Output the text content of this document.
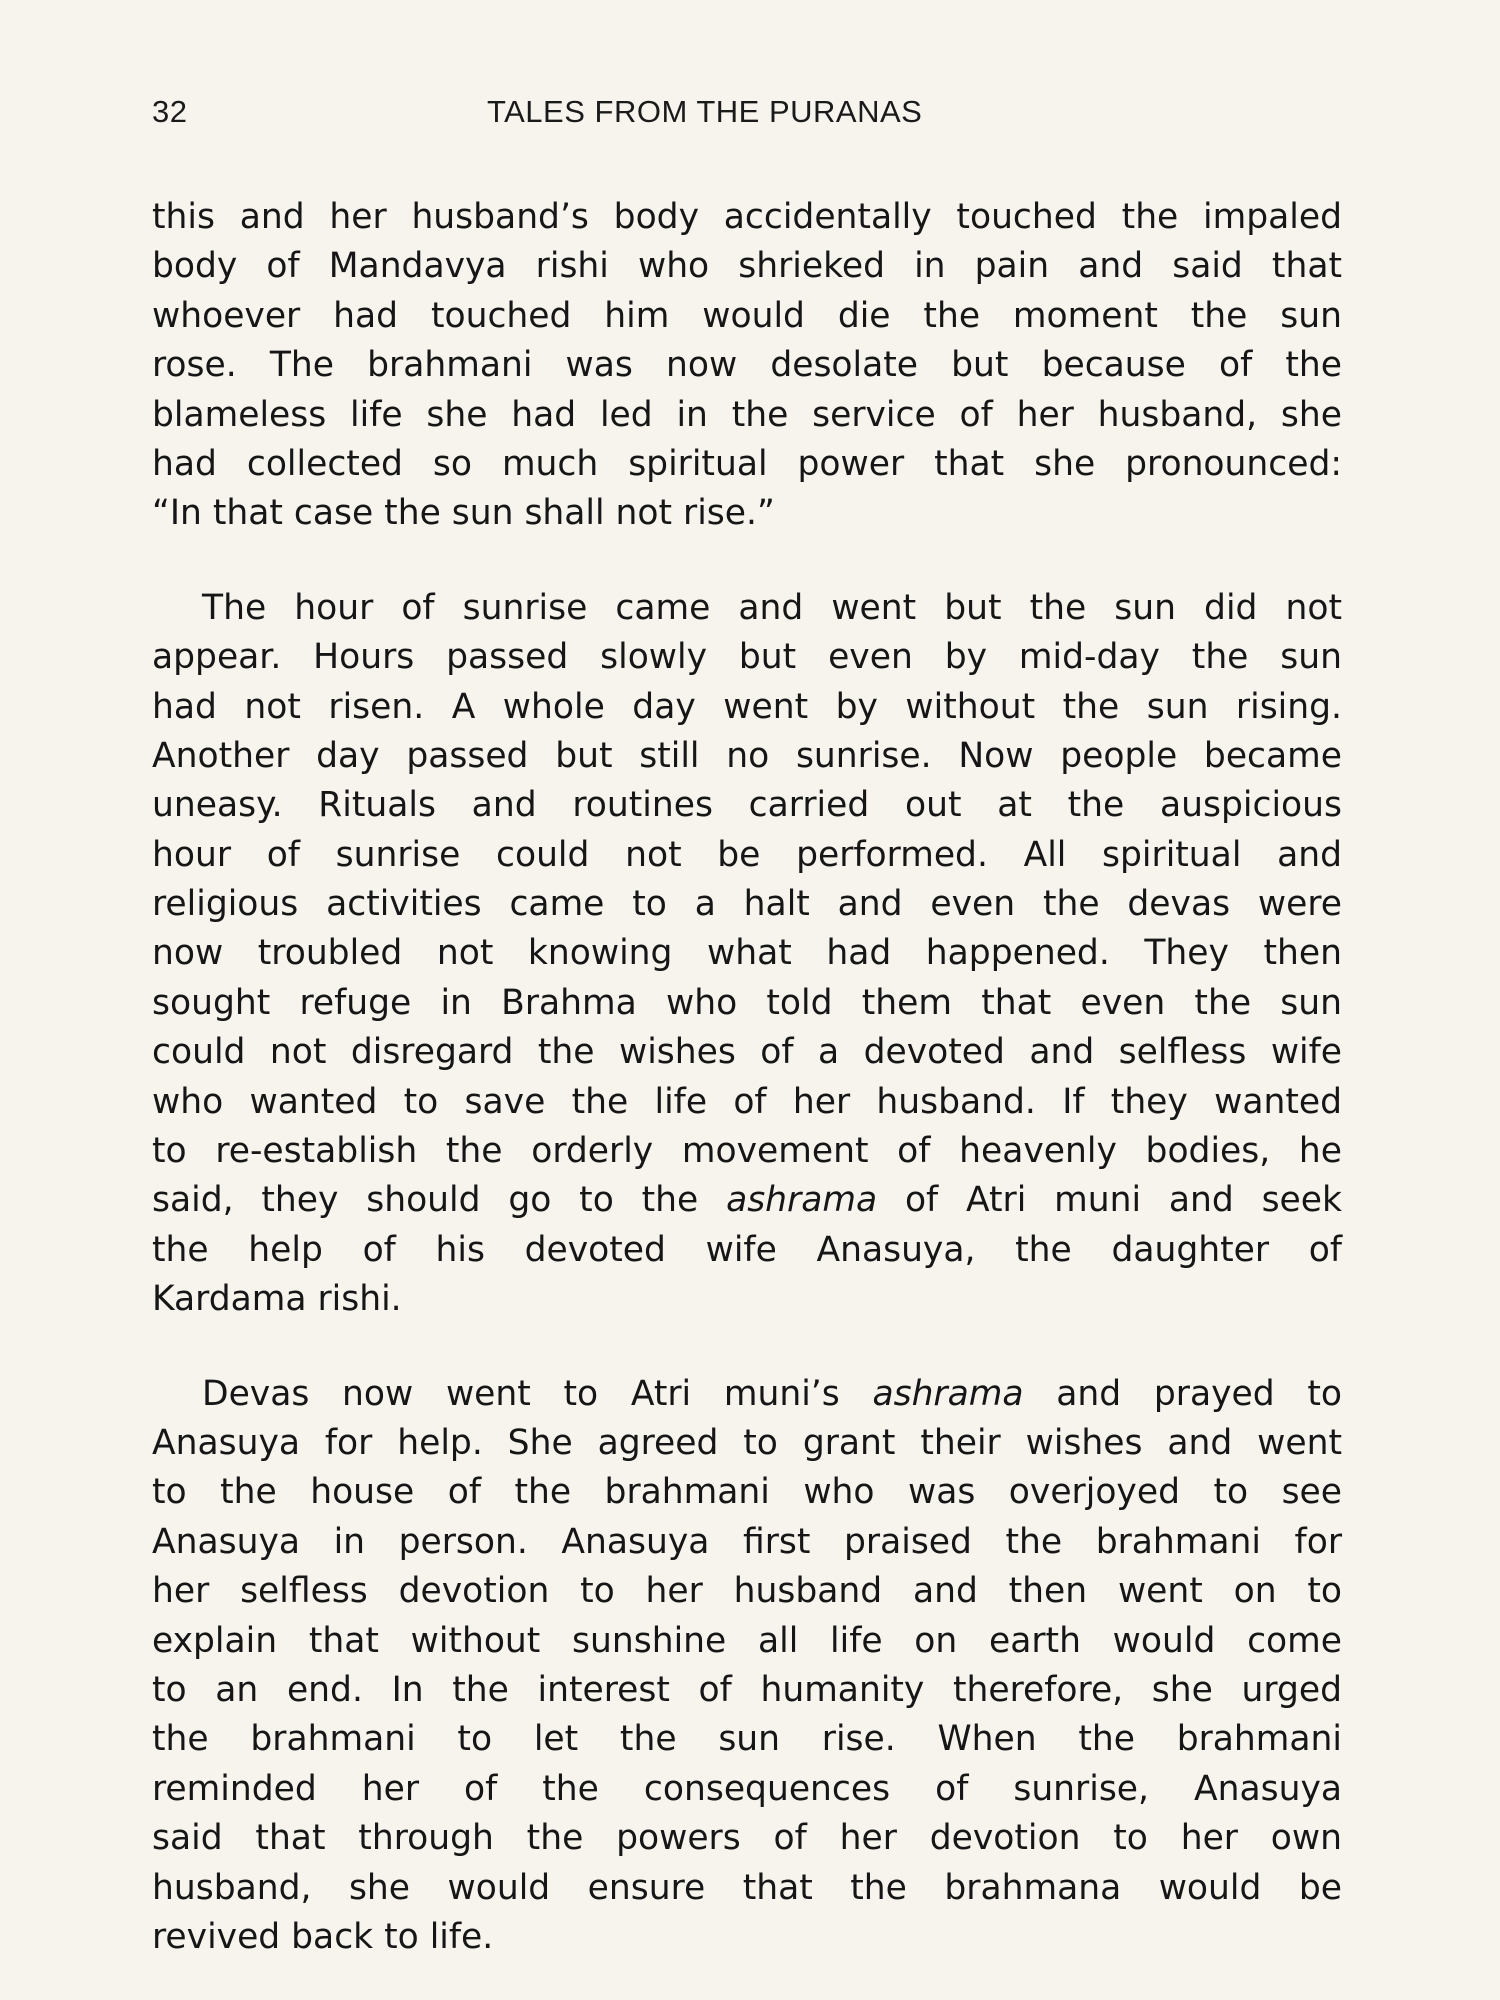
32	TALES FROM THE PURANAS
this and her husband’s body accidentally touched the impaled
body of Mandavya rishi who shrieked in pain and said that
whoever had touched him would die the moment the sun
rose. The brahmani was now desolate but because of the
blameless life she had led in the service of her husband, she
had collected so much spiritual power that she pronounced:
“In that case the sun shall not rise.”
The hour of sunrise came and went but the sun did not
appear. Hours passed slowly but even by mid-day the sun
had not risen. A whole day went by without the sun rising.
Another day passed but still no sunrise. Now people became
uneasy. Rituals and routines carried out at the auspicious
hour of sunrise could not be performed. All spiritual and
religious activities came to a halt and even the devas were
now troubled not knowing what had happened. They then
sought refuge in Brahma who told them that even the sun
could not disregard the wishes of a devoted and selfless wife
who wanted to save the life of her husband. If they wanted
to re-establish the orderly movement of heavenly bodies, he
said, they should go to the ashrama of Atri muni and seek
the help of his devoted wife Anasuya, the daughter of
Kardama rishi.
Devas now went to Atri muni’s ashrama and prayed to
Anasuya for help. She agreed to grant their wishes and went
to the house of the brahmani who was overjoyed to see
Anasuya in person. Anasuya first praised the brahmani for
her selfless devotion to her husband and then went on to
explain that without sunshine all life on earth would come
to an end. In the interest of humanity therefore, she urged
the brahmani to let the sun rise. When the brahmani
reminded her of the consequences of sunrise, Anasuya
said that through the powers of her devotion to her own
husband, she would ensure that the brahmana would be
revived back to life.
